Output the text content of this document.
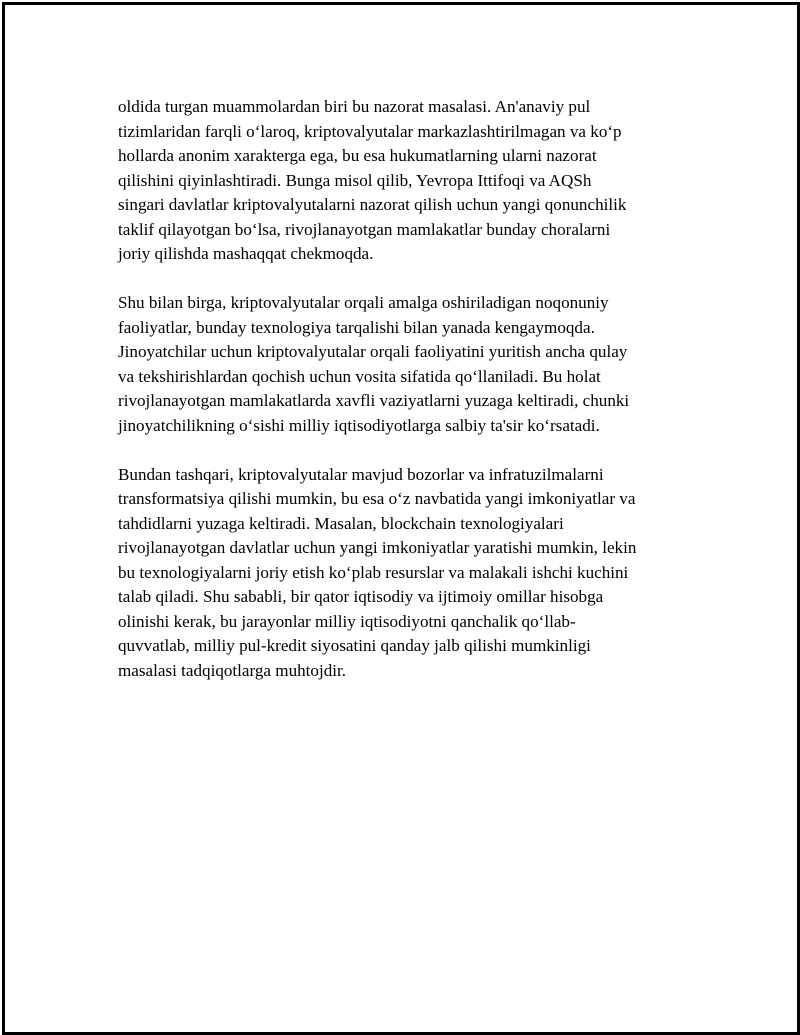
oldida turgan muammolardan biri bu nazorat masalasi. An'anaviy pul
tizimlaridan farqli o‘laroq, kriptovalyutalar markazlashtirilmagan va ko‘p
hollarda anonim xarakterga ega, bu esa hukumatlarning ularni nazorat
qilishini qiyinlashtiradi. Bunga misol qilib, Yevropa Ittifoqi va AQSh
singari davlatlar kriptovalyutalarni nazorat qilish uchun yangi qonunchilik
taklif qilayotgan bo‘lsa, rivojlanayotgan mamlakatlar bunday choralarni
joriy qilishda mashaqqat chekmoqda.

Shu bilan birga, kriptovalyutalar orqali amalga oshiriladigan noqonuniy
faoliyatlar, bunday texnologiya tarqalishi bilan yanada kengaymoqda.
Jinoyatchilar uchun kriptovalyutalar orqali faoliyatini yuritish ancha qulay
va tekshirishlardan qochish uchun vosita sifatida qo‘llaniladi. Bu holat
rivojlanayotgan mamlakatlarda xavfli vaziyatlarni yuzaga keltiradi, chunki
jinoyatchilikning o‘sishi milliy iqtisodiyotlarga salbiy ta'sir ko‘rsatadi.

Bundan tashqari, kriptovalyutalar mavjud bozorlar va infratuzilmalarni
transformatsiya qilishi mumkin, bu esa o‘z navbatida yangi imkoniyatlar va
tahdidlarni yuzaga keltiradi. Masalan, blockchain texnologiyalari
rivojlanayotgan davlatlar uchun yangi imkoniyatlar yaratishi mumkin, lekin
bu texnologiyalarni joriy etish ko‘plab resurslar va malakali ishchi kuchini
talab qiladi. Shu sababli, bir qator iqtisodiy va ijtimoiy omillar hisobga
olinishi kerak, bu jarayonlar milliy iqtisodiyotni qanchalik qo‘llab-
quvvatlab, milliy pul-kredit siyosatini qanday jalb qilishi mumkinligi
masalasi tadqiqotlarga muhtojdir.
